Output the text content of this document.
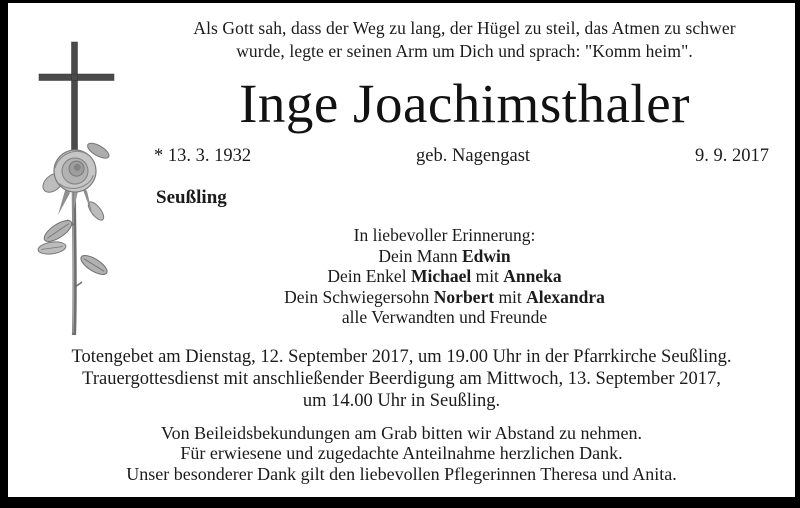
Als Gott sah, dass der Weg zu lang, der Hügel zu steil, das Atmen zu schwer
wurde, legte er seinen Arm um Dich und sprach: "Komm heim".
Inge Joachimsthaler
* 13. 3. 1932	geb. Nagengast	9. 9. 2017
Seußling
In liebevoller Erinnerung:
Dein Mann Edwin
Dein Enkel Michael mit Anneka
Dein Schwiegersohn Norbert mit Alexandra
alle Verwandten und Freunde
Totengebet am Dienstag, 12. September 2017, um 19.00 Uhr in der Pfarrkirche Seußling.
Trauergottesdienst mit anschließender Beerdigung am Mittwoch, 13. September 2017,
um 14.00 Uhr in Seußling.
Von Beileidsbekundungen am Grab bitten wir Abstand zu nehmen.
Für erwiesene und zugedachte Anteilnahme herzlichen Dank.
Unser besonderer Dank gilt den liebevollen Pflegerinnen Theresa und Anita.
